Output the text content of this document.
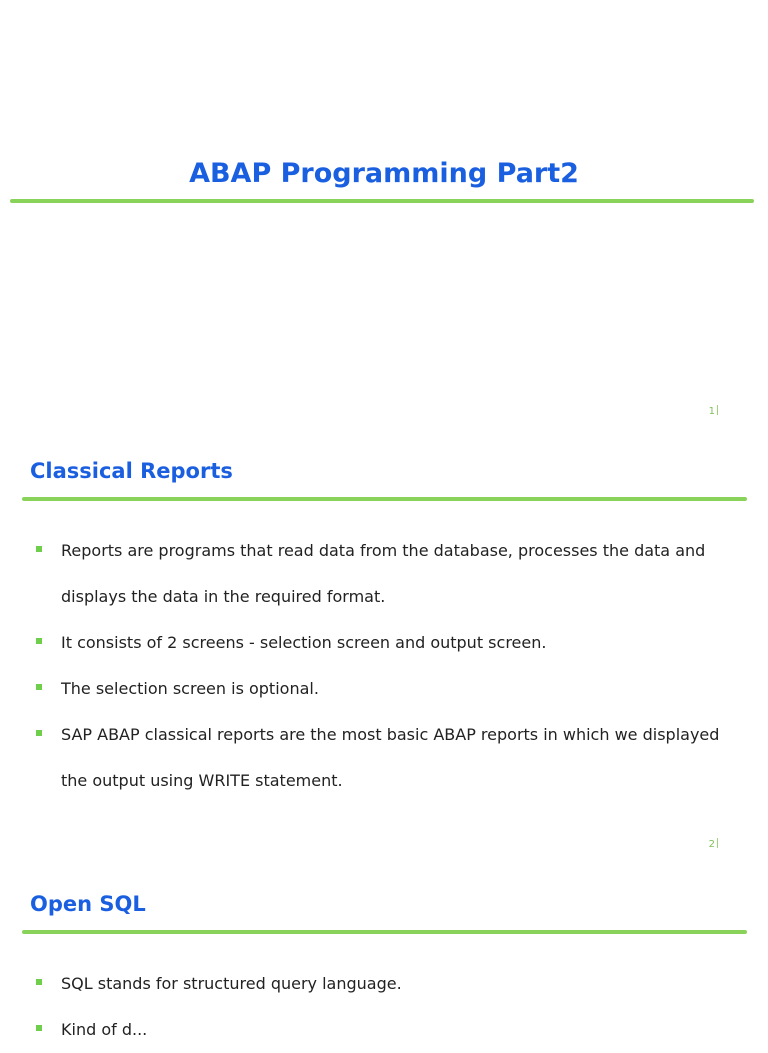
ABAP Programming Part2
1
Classical Reports
Reports are programs that read data from the database, processes the data and displays the data in the required format.
It consists of 2 screens - selection screen and output screen.
The selection screen is optional.
SAP ABAP classical reports are the most basic ABAP reports in which we displayed the output using WRITE statement.
2
Open SQL
SQL stands for structured query language.
Kind of d...
